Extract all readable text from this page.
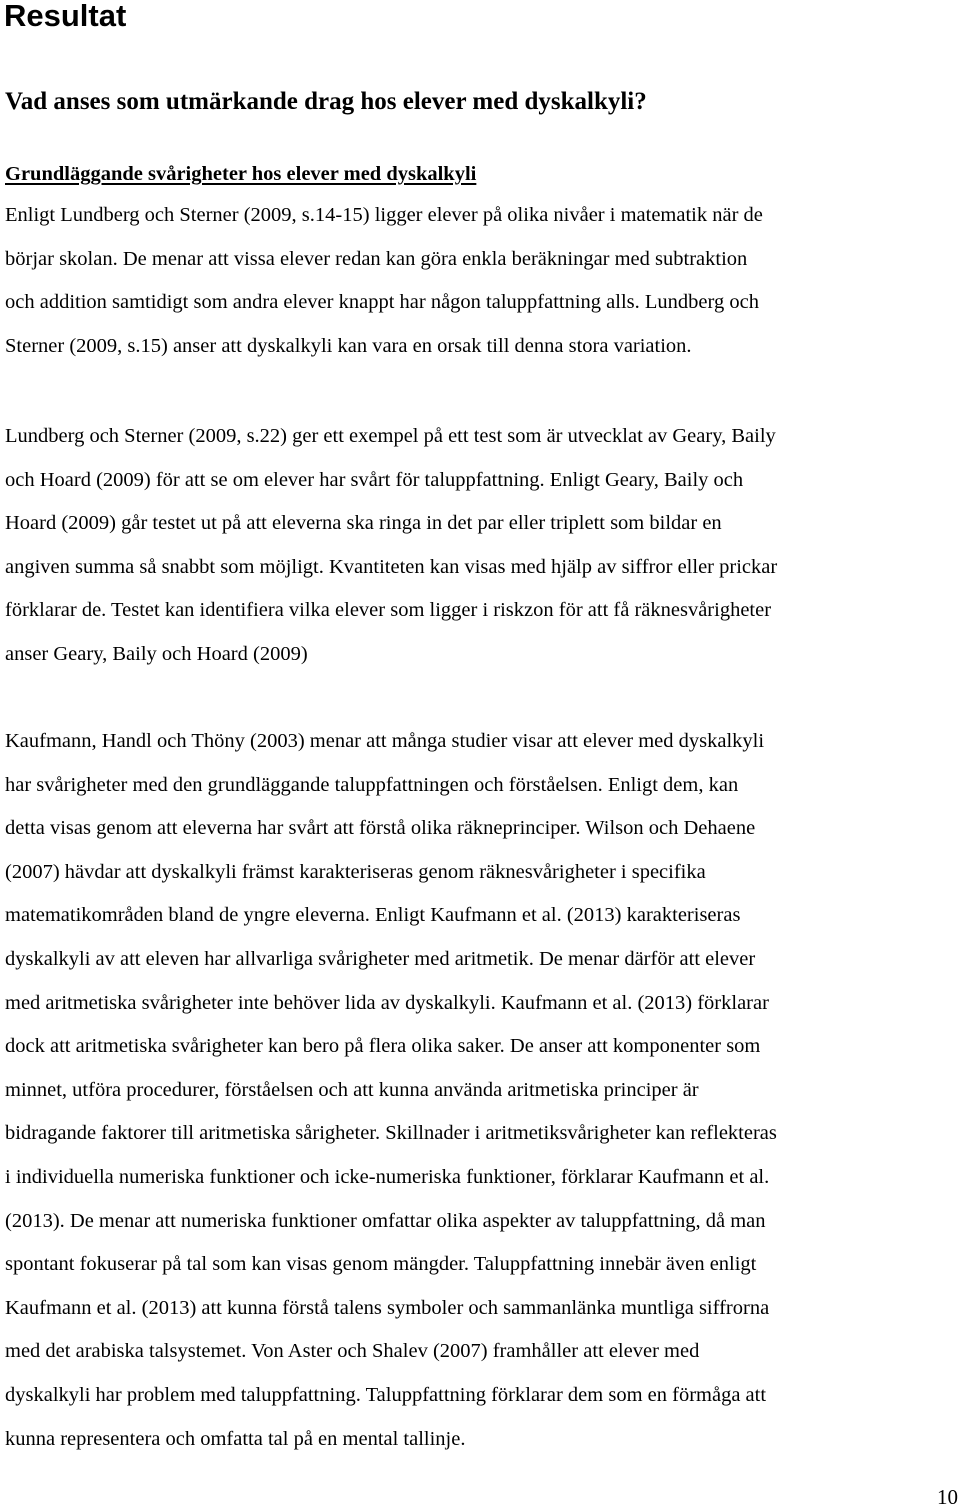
Resultat
Vad anses som utmärkande drag hos elever med dyskalkyli?
Grundläggande svårigheter hos elever med dyskalkyli

Enligt Lundberg och Sterner (2009, s.14-15) ligger elever på olika nivåer i matematik när de
börjar skolan. De menar att vissa elever redan kan göra enkla beräkningar med subtraktion
och addition samtidigt som andra elever knappt har någon taluppfattning alls. Lundberg och
Sterner (2009, s.15) anser att dyskalkyli kan vara en orsak till denna stora variation.

Lundberg och Sterner (2009, s.22) ger ett exempel på ett test som är utvecklat av Geary, Baily
och Hoard (2009) för att se om elever har svårt för taluppfattning. Enligt Geary, Baily och
Hoard (2009) går testet ut på att eleverna ska ringa in det par eller triplett som bildar en
angiven summa så snabbt som möjligt. Kvantiteten kan visas med hjälp av siffror eller prickar
förklarar de. Testet kan identifiera vilka elever som ligger i riskzon för att få räknesvårigheter
anser Geary, Baily och Hoard (2009)

Kaufmann, Handl och Thöny (2003) menar att många studier visar att elever med dyskalkyli
har svårigheter med den grundläggande taluppfattningen och förståelsen. Enligt dem, kan
detta visas genom att eleverna har svårt att förstå olika räkneprinciper. Wilson och Dehaene
(2007) hävdar att dyskalkyli främst karakteriseras genom räknesvårigheter i specifika
matematikområden bland de yngre eleverna. Enligt Kaufmann et al. (2013) karakteriseras
dyskalkyli av att eleven har allvarliga svårigheter med aritmetik. De menar därför att elever
med aritmetiska svårigheter inte behöver lida av dyskalkyli. Kaufmann et al. (2013) förklarar
dock att aritmetiska svårigheter kan bero på flera olika saker. De anser att komponenter som
minnet, utföra procedurer, förståelsen och att kunna använda aritmetiska principer är
bidragande faktorer till aritmetiska sårigheter. Skillnader i aritmetiksvårigheter kan reflekteras
i individuella numeriska funktioner och icke-numeriska funktioner, förklarar Kaufmann et al.
(2013). De menar att numeriska funktioner omfattar olika aspekter av taluppfattning, då man
spontant fokuserar på tal som kan visas genom mängder. Taluppfattning innebär även enligt
Kaufmann et al. (2013) att kunna förstå talens symboler och sammanlänka muntliga siffrorna
med det arabiska talsystemet. Von Aster och Shalev (2007) framhåller att elever med
dyskalkyli har problem med taluppfattning. Taluppfattning förklarar dem som en förmåga att
kunna representera och omfatta tal på en mental tallinje.

10
